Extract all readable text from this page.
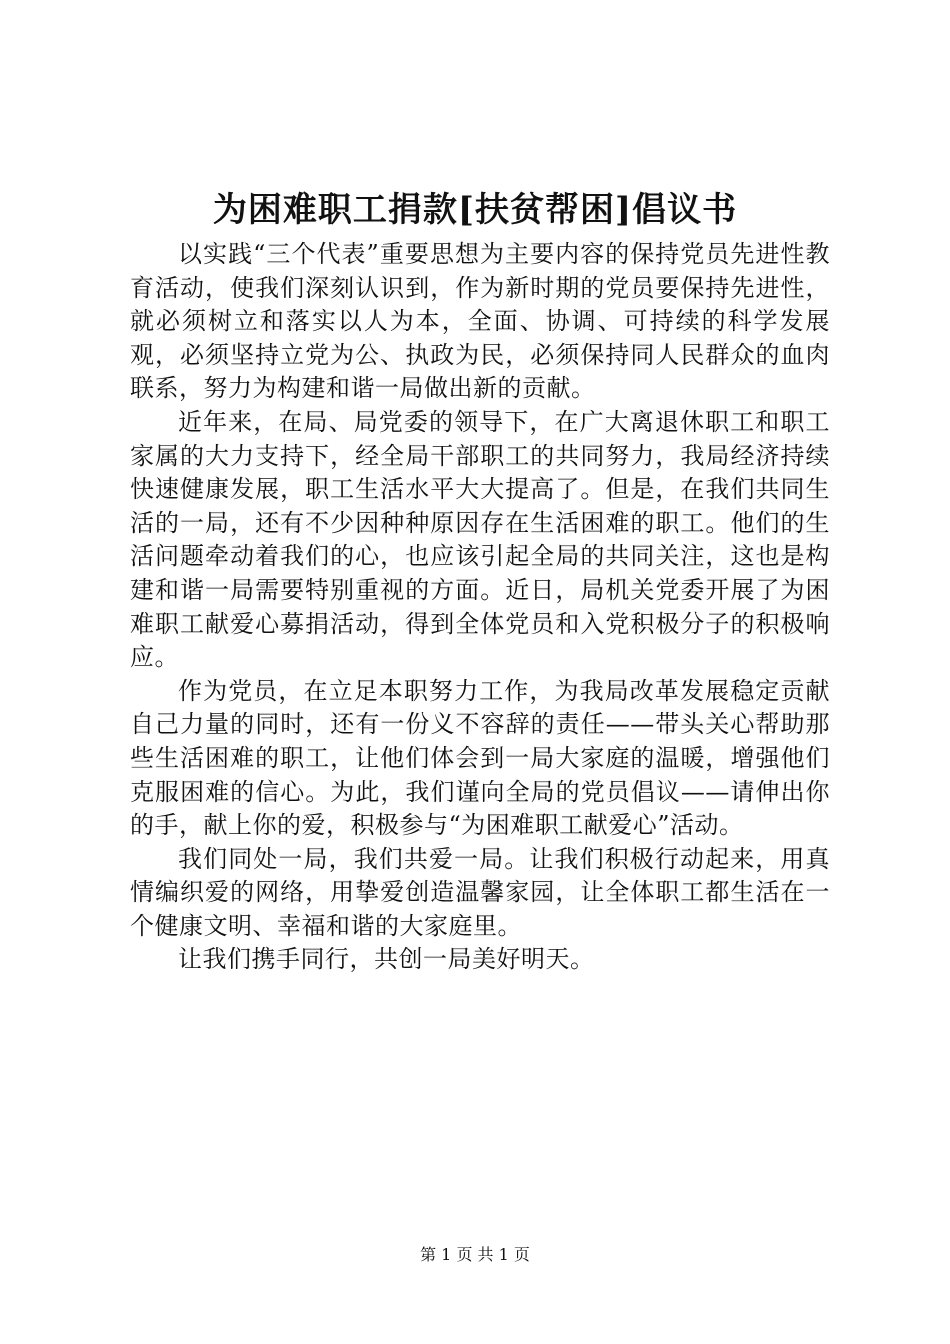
为困难职工捐款[扶贫帮困]倡议书

以实践“三个代表”重要思想为主要内容的保持党员先进性教育活动，使我们深刻认识到，作为新时期的党员要保持先进性，就必须树立和落实以人为本，全面、协调、可持续的科学发展观，必须坚持立党为公、执政为民，必须保持同人民群众的血肉联系，努力为构建和谐一局做出新的贡献。

近年来，在局、局党委的领导下，在广大离退休职工和职工家属的大力支持下，经全局干部职工的共同努力，我局经济持续快速健康发展，职工生活水平大大提高了。但是，在我们共同生活的一局，还有不少因种种原因存在生活困难的职工。他们的生活问题牵动着我们的心，也应该引起全局的共同关注，这也是构建和谐一局需要特别重视的方面。近日，局机关党委开展了为困难职工献爱心募捐活动，得到全体党员和入党积极分子的积极响应。

作为党员，在立足本职努力工作，为我局改革发展稳定贡献自己力量的同时，还有一份义不容辞的责任——带头关心帮助那些生活困难的职工，让他们体会到一局大家庭的温暖，增强他们克服困难的信心。为此，我们谨向全局的党员倡议——请伸出你的手，献上你的爱，积极参与“为困难职工献爱心”活动。

我们同处一局，我们共爱一局。让我们积极行动起来，用真情编织爱的网络，用挚爱创造温馨家园，让全体职工都生活在一个健康文明、幸福和谐的大家庭里。

让我们携手同行，共创一局美好明天。

第 1 页 共 1 页
